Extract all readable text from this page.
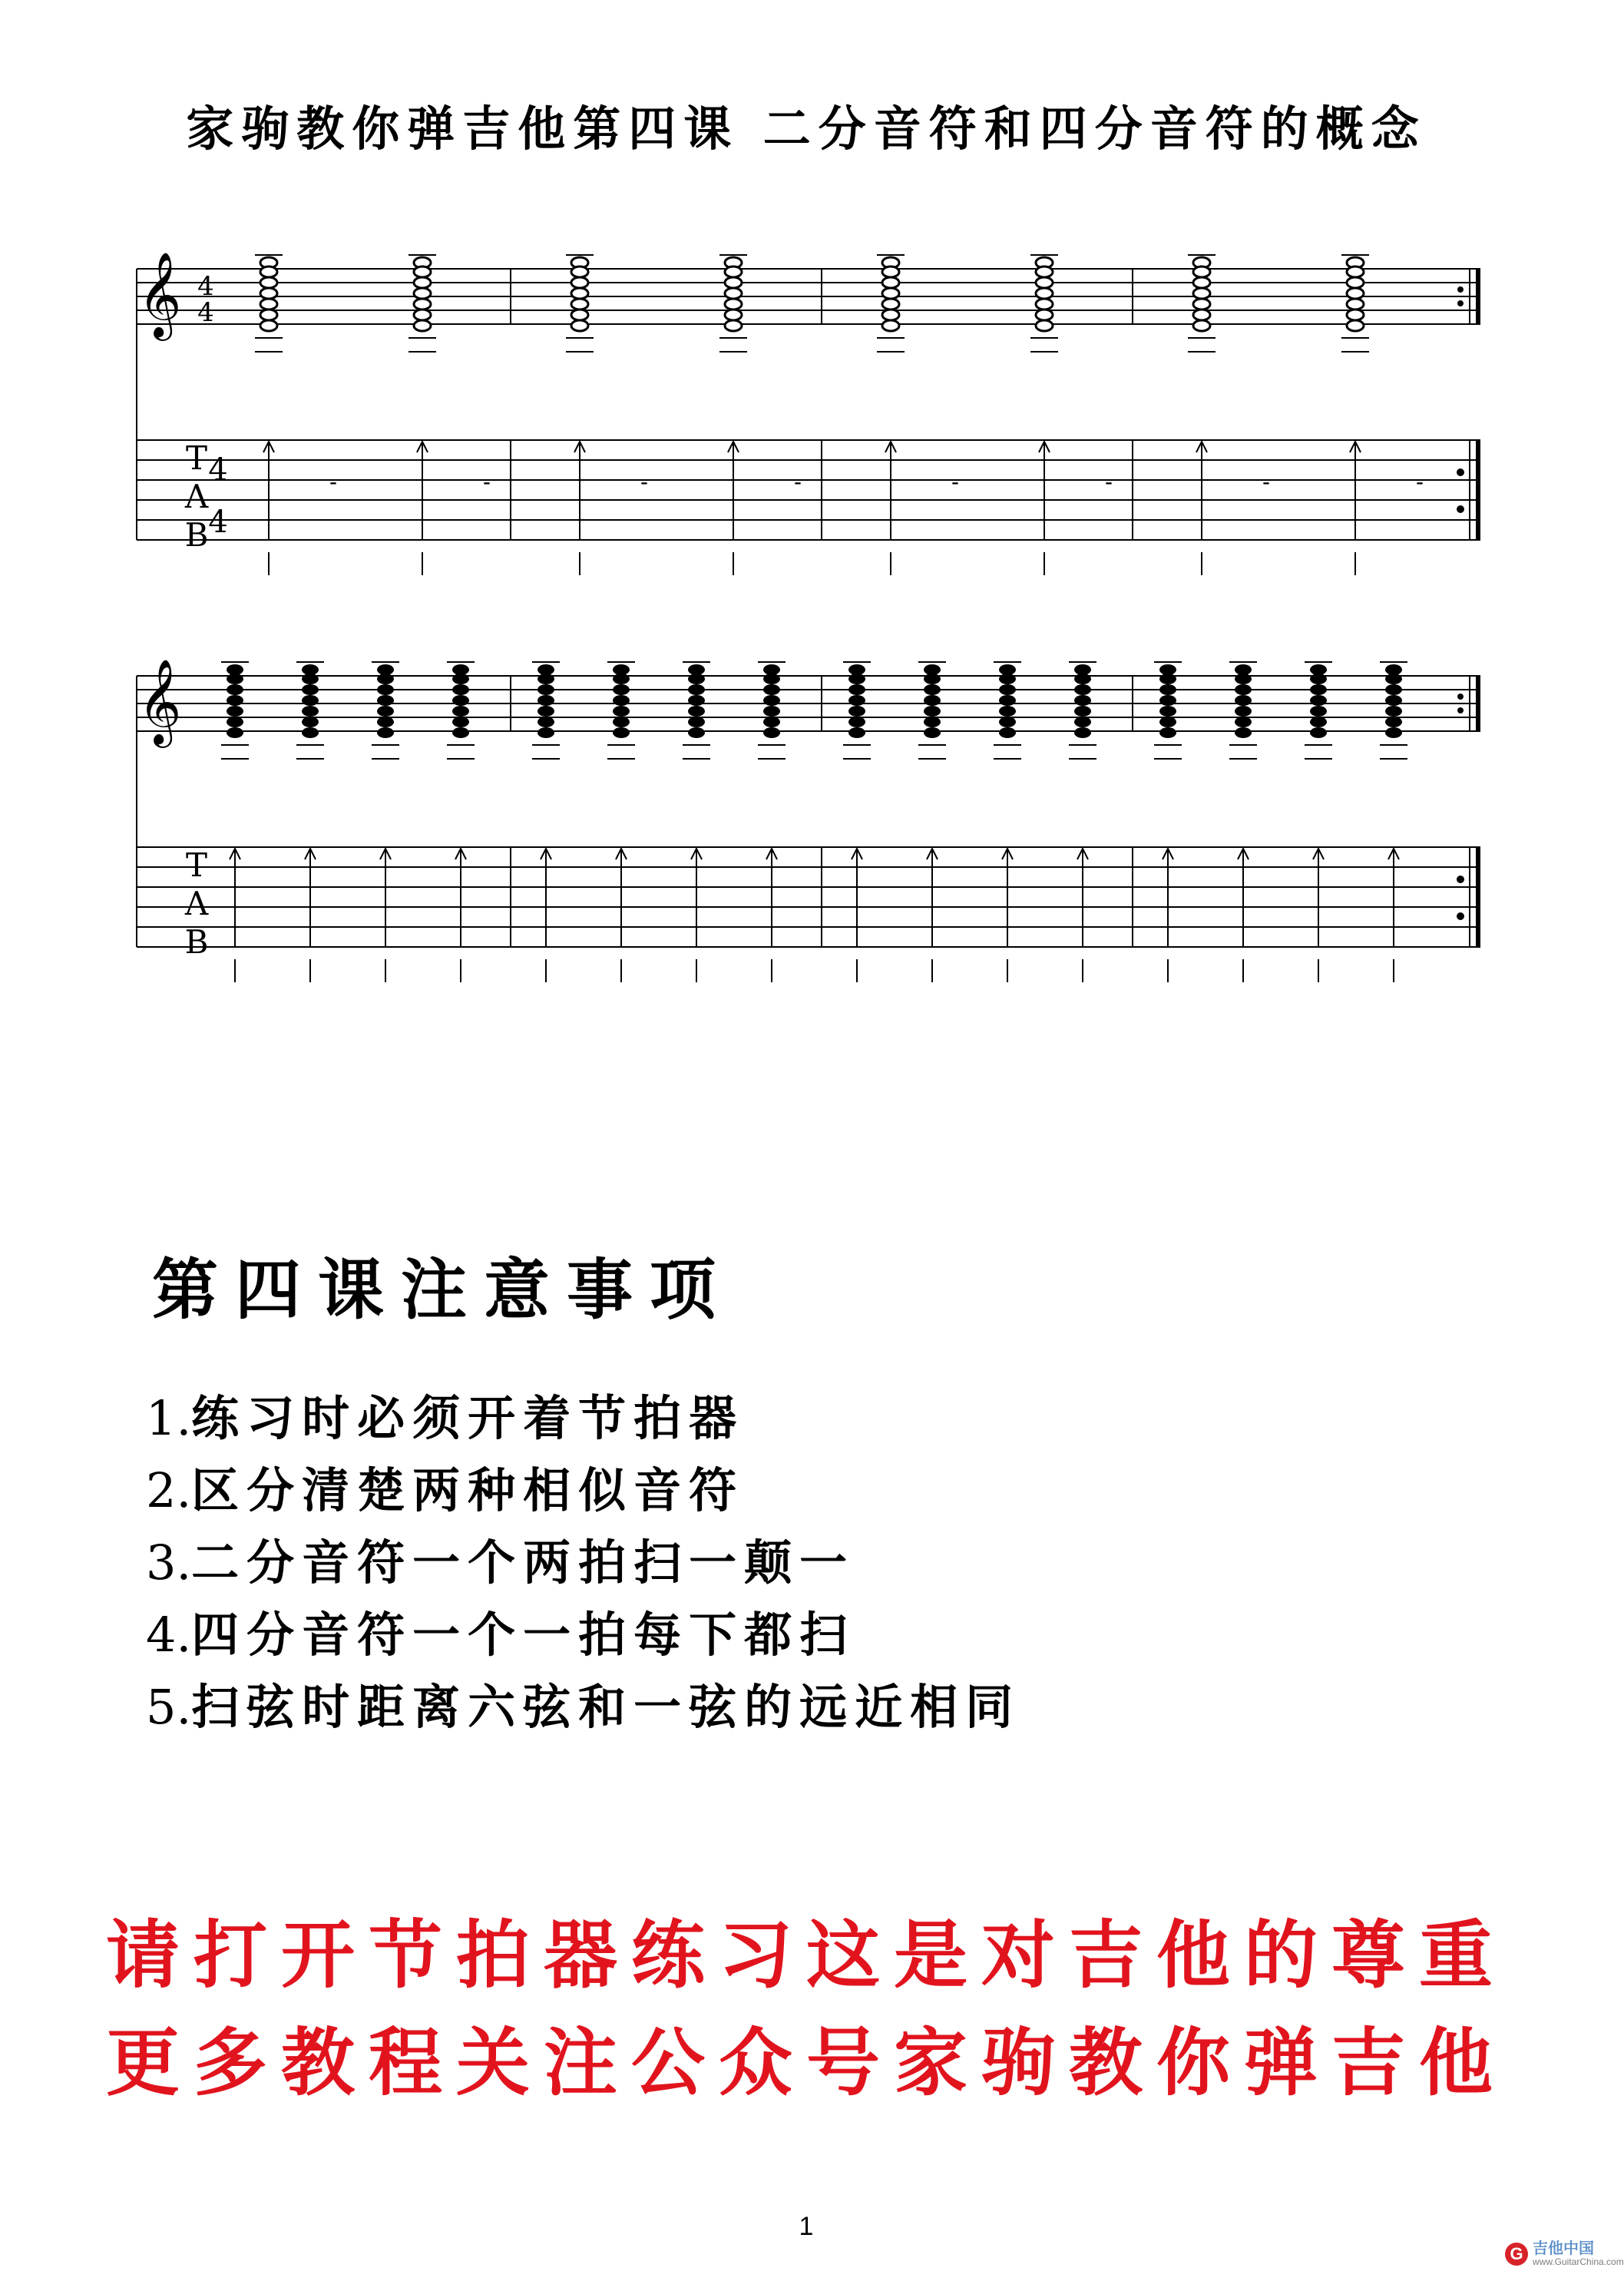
家驹教你弹吉他第四课 二分音符和四分音符的概念
𝄞 4
4
T
A
B
4
4
-	-	-	-	-	-	-	-
𝄞
T
A
B
第四课注意事项
1.练习时必须开着节拍器
2.区分清楚两种相似音符
3.二分音符一个两拍扫一颠一
4.四分音符一个一拍每下都扫
5.扫弦时距离六弦和一弦的远近相同
请打开节拍器练习这是对吉他的尊重
更多教程关注公众号家驹教你弹吉他
1
G 吉他中国
www.GuitarChina.com
